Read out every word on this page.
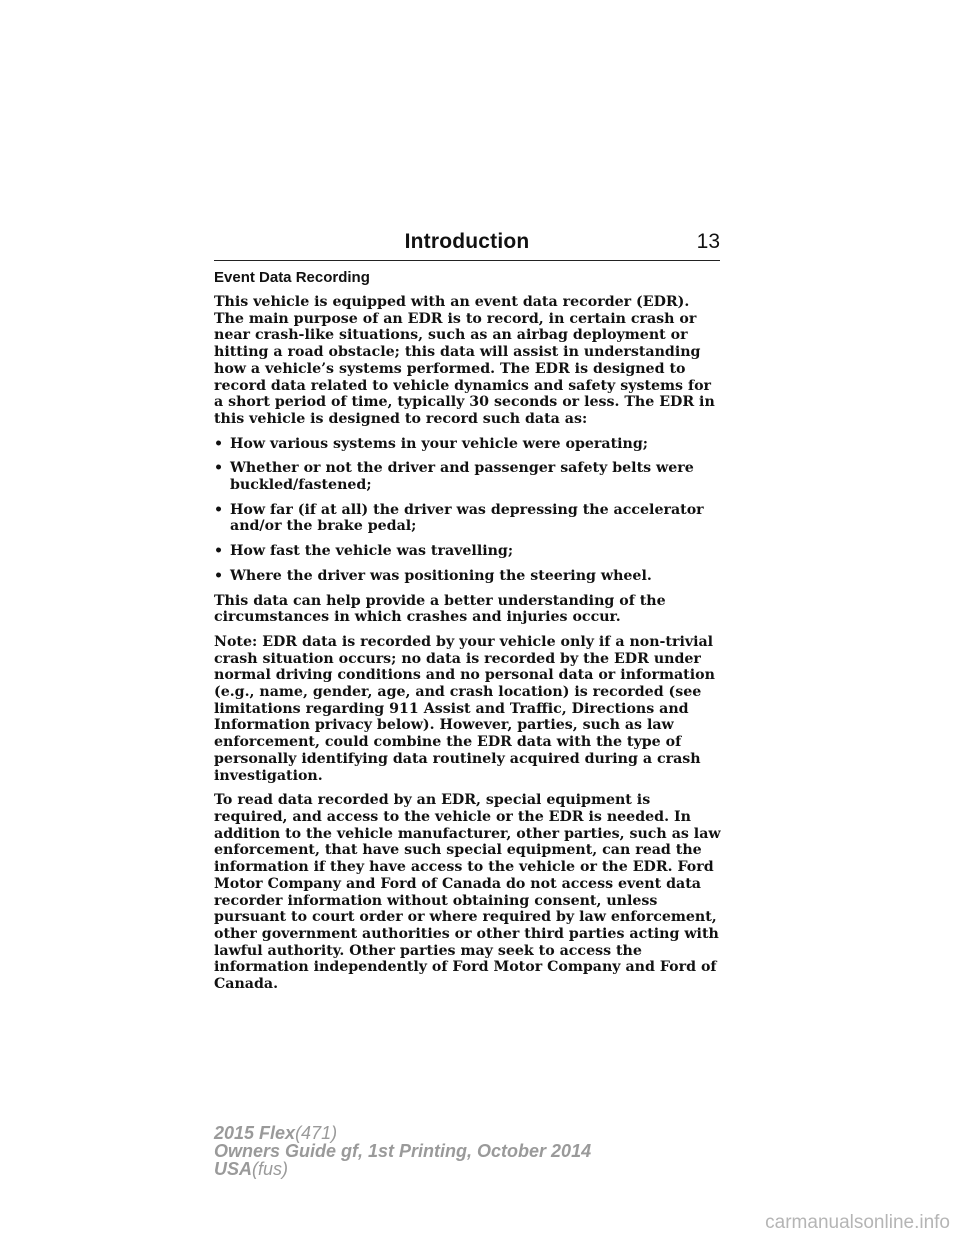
Introduction	13
Event Data Recording

This vehicle is equipped with an event data recorder (EDR). The main purpose of an EDR is to record, in certain crash or near crash-like situations, such as an airbag deployment or hitting a road obstacle; this data will assist in understanding how a vehicle’s systems performed. The EDR is designed to record data related to vehicle dynamics and safety systems for a short period of time, typically 30 seconds or less. The EDR in this vehicle is designed to record such data as:

• How various systems in your vehicle were operating;
• Whether or not the driver and passenger safety belts were buckled/fastened;
• How far (if at all) the driver was depressing the accelerator and/or the brake pedal;
• How fast the vehicle was travelling;
• Where the driver was positioning the steering wheel.

This data can help provide a better understanding of the circumstances in which crashes and injuries occur.

Note: EDR data is recorded by your vehicle only if a non-trivial crash situation occurs; no data is recorded by the EDR under normal driving conditions and no personal data or information (e.g., name, gender, age, and crash location) is recorded (see limitations regarding 911 Assist and Traffic, Directions and Information privacy below). However, parties, such as law enforcement, could combine the EDR data with the type of personally identifying data routinely acquired during a crash investigation.

To read data recorded by an EDR, special equipment is required, and access to the vehicle or the EDR is needed. In addition to the vehicle manufacturer, other parties, such as law enforcement, that have such special equipment, can read the information if they have access to the vehicle or the EDR. Ford Motor Company and Ford of Canada do not access event data recorder information without obtaining consent, unless pursuant to court order or where required by law enforcement, other government authorities or other third parties acting with lawful authority. Other parties may seek to access the information independently of Ford Motor Company and Ford of Canada.

2015 Flex(471)
Owners Guide gf, 1st Printing, October 2014
USA(fus)
carmanualsonline.info
